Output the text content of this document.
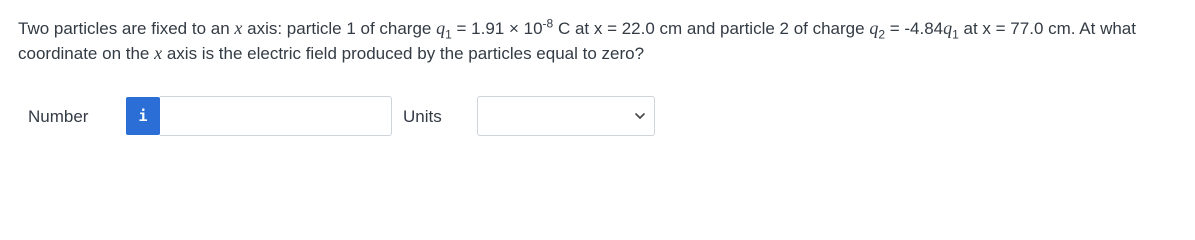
Two particles are fixed to an x axis: particle 1 of charge $q_1 = 1.91 \times 10^{-8}$ C at x = 22.0 cm and particle 2 of charge $q_2 = -4.84q_1$ at x = 77.0 cm. At what coordinate on the x axis is the electric field produced by the particles equal to zero?
Number	i	Units
